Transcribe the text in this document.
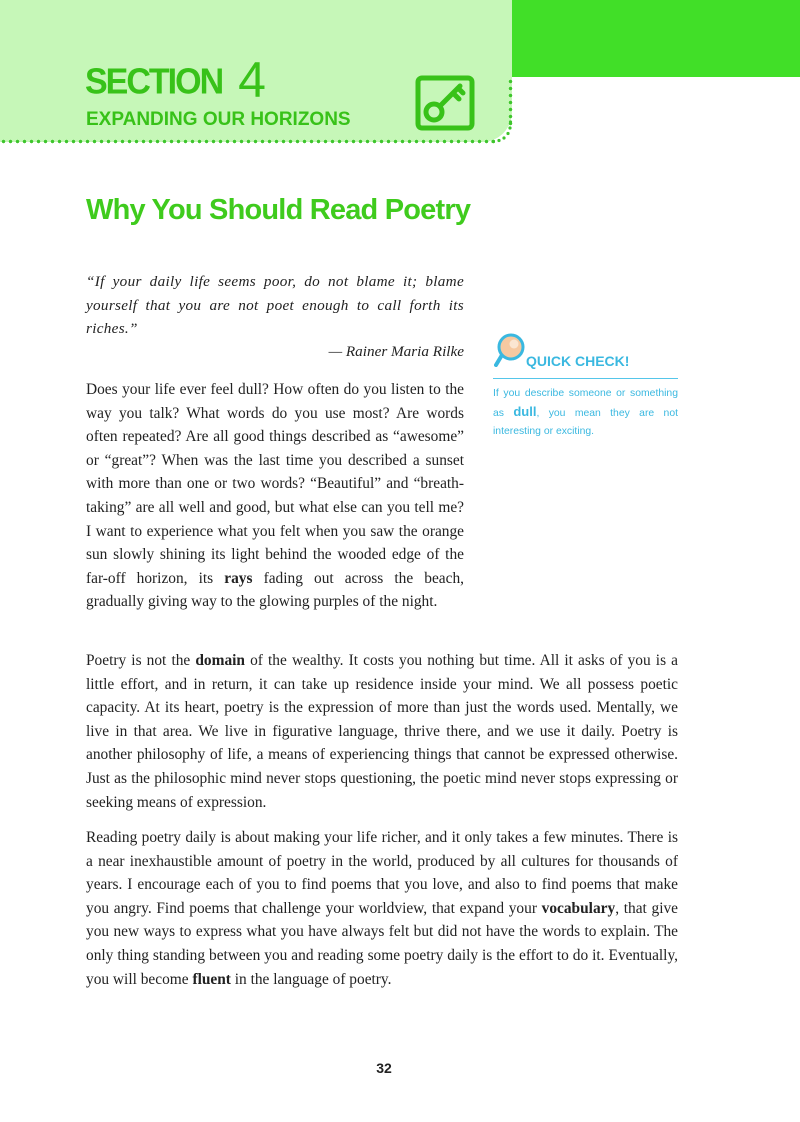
SECTION 4
EXPANDING OUR HORIZONS
Why You Should Read Poetry

“If your daily life seems poor, do not blame it; blame yourself that you are not poet enough to call forth its riches.”

— Rainer Maria Rilke

Does your life ever feel dull? How often do you listen to the way you talk? What words do you use most? Are words often repeated? Are all good things described as “awesome” or “great”? When was the last time you described a sunset with more than one or two words? “Beautiful” and “breath-taking” are all well and good, but what else can you tell me? I want to experience what you felt when you saw the orange sun slowly shining its light behind the wooded edge of the far-off horizon, its rays fading out across the beach, gradually giving way to the glowing purples of the night.

QUICK CHECK!

If you describe someone or something as dull, you mean they are not interesting or exciting.

Poetry is not the domain of the wealthy. It costs you nothing but time. All it asks of you is a little effort, and in return, it can take up residence inside your mind. We all possess poetic capacity. At its heart, poetry is the expression of more than just the words used. Mentally, we live in that area. We live in figurative language, thrive there, and we use it daily. Poetry is another philosophy of life, a means of experiencing things that cannot be expressed otherwise. Just as the philosophic mind never stops questioning, the poetic mind never stops expressing or seeking means of expression.

Reading poetry daily is about making your life richer, and it only takes a few minutes. There is a near inexhaustible amount of poetry in the world, produced by all cultures for thousands of years. I encourage each of you to find poems that you love, and also to find poems that make you angry. Find poems that challenge your worldview, that expand your vocabulary, that give you new ways to express what you have always felt but did not have the words to explain. The only thing standing between you and reading some poetry daily is the effort to do it. Eventually, you will become fluent in the language of poetry.

32
